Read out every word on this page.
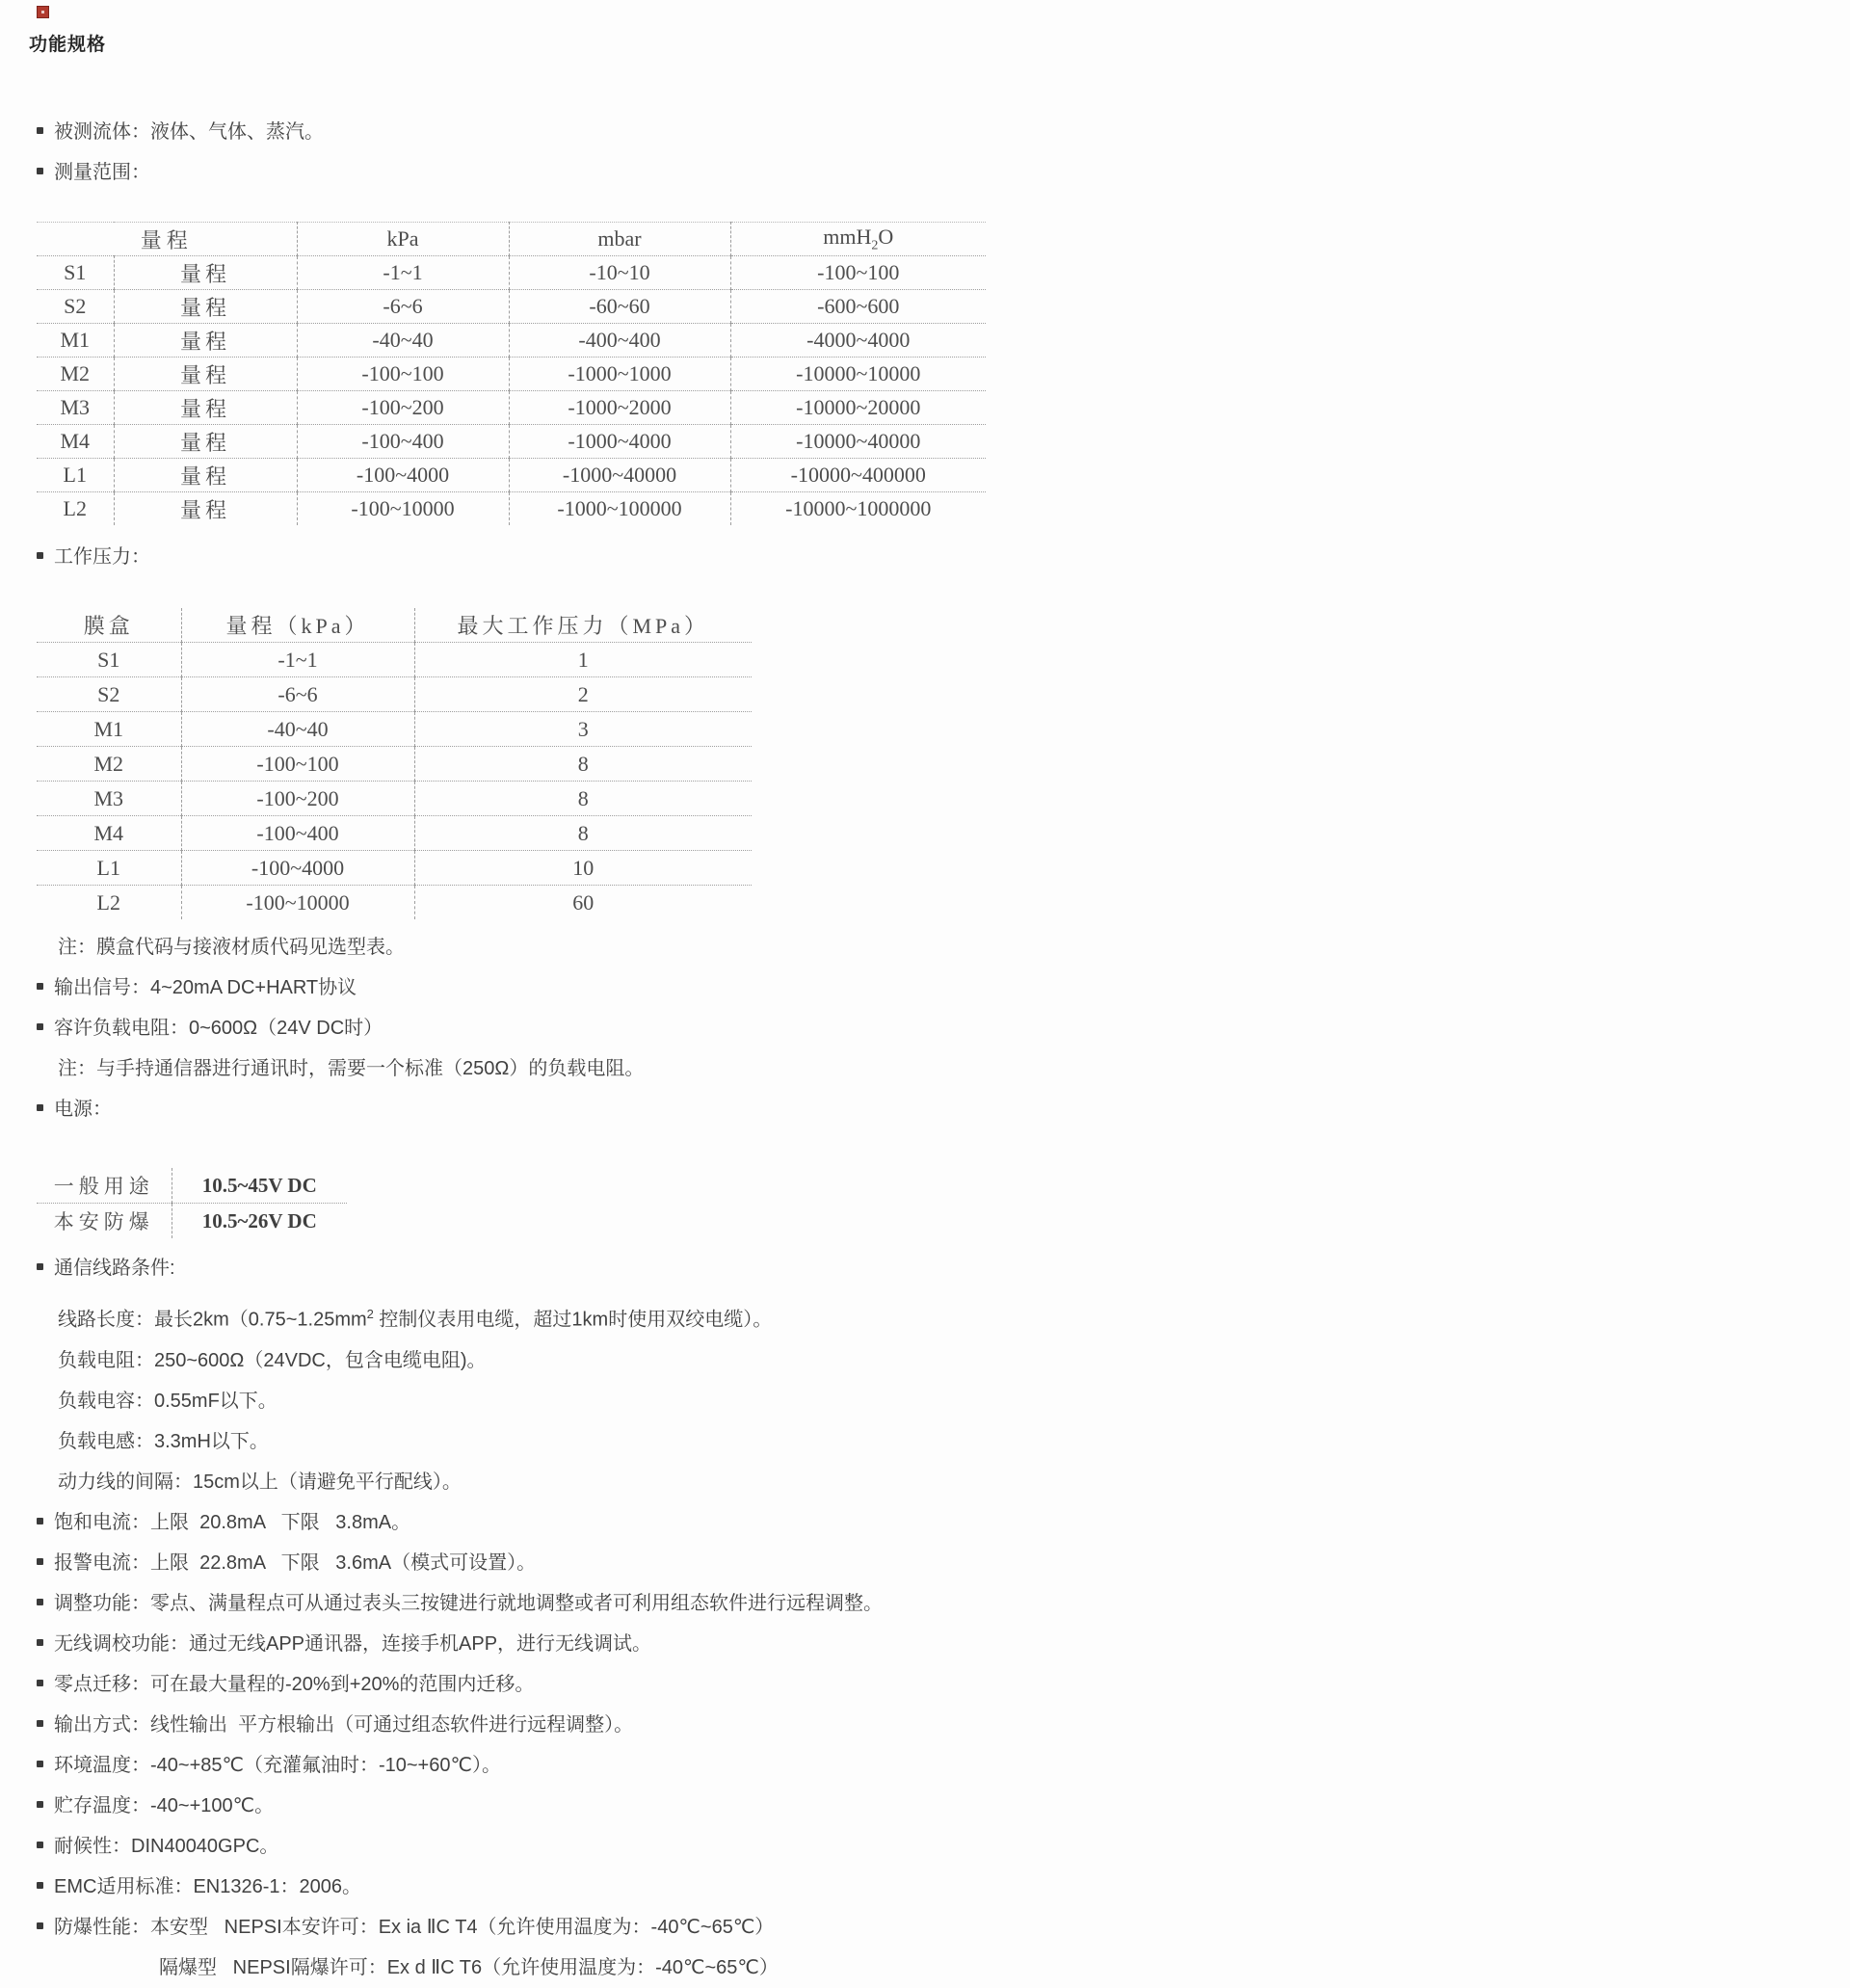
功能规格
被测流体：液体、气体、蒸汽。
测量范围：
量程		kPa	mbar	mmH$_2$O
S1	量程	-1~1	-10~10	-100~100
S2	量程	-6~6	-60~60	-600~600
M1	量程	-40~40	-400~400	-4000~4000
M2	量程	-100~100	-1000~1000	-10000~10000
M3	量程	-100~200	-1000~2000	-10000~20000
M4	量程	-100~400	-1000~4000	-10000~40000
L1	量程	-100~4000	-1000~40000	-10000~400000
L2	量程	-100~10000	-1000~100000	-10000~1000000
工作压力：
膜盒	量程（kPa）	最大工作压力（MPa）
S1	-1~1	1
S2	-6~6	2
M1	-40~40	3
M2	-100~100	8
M3	-100~200	8
M4	-100~400	8
L1	-100~4000	10
L2	-100~10000	60
注：膜盒代码与接液材质代码见选型表。
输出信号：4~20mA DC+HART协议
容许负载电阻：0~600Ω（24V DC时）
注：与手持通信器进行通讯时，需要一个标准（250Ω）的负载电阻。
电源：
一般用途	10.5~45V DC
本安防爆	10.5~26V DC
通信线路条件:
线路长度：最长$2km(0.75\sim 1.25mm^2$ 控制仪表用电缆，超过1km时使用双绞电缆）。
负载电阻：250~600Ω（24VDC，包含电缆电阻)。
负载电容：0.55mF以下。
负载电感：3.3mH以下。
动力线的间隔：15cm以上（请避免平行配线）。
饱和电流：上限  20.8mA   下限   3.8mA。
报警电流：上限  22.8mA   下限   3.6mA（模式可设置）。
调整功能：零点、满量程点可从通过表头三按键进行就地调整或者可利用组态软件进行远程调整。
无线调校功能：通过无线APP通讯器，连接手机APP，进行无线调试。
零点迁移：可在最大量程的-20%到+20%的范围内迁移。
输出方式：线性输出  平方根输出（可通过组态软件进行远程调整）。
环境温度：-40~+85℃（充灌氟油时：-10~+60℃）。
贮存温度：-40~+100℃。
耐候性：DIN40040GPC。
EMC适用标准：EN1326-1：2006。
防爆性能：本安型   NEPSI本安许可：Ex ia ⅡC T4（允许使用温度为：-40℃~65℃）
隔爆型   NEPSI隔爆许可：Ex d ⅡC T6（允许使用温度为：-40℃~65℃）
